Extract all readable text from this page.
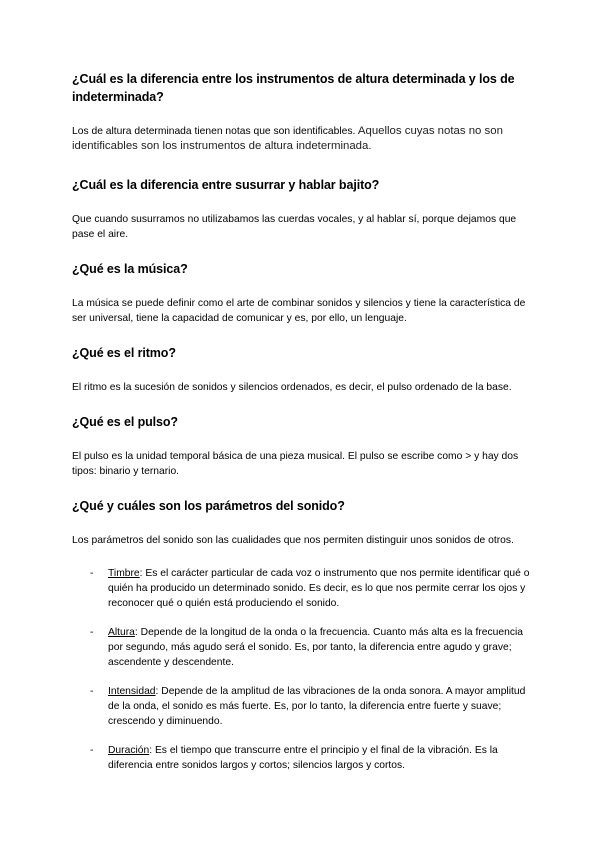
¿Cuál es la diferencia entre los instrumentos de altura determinada y los de indeterminada?

Los de altura determinada tienen notas que son identificables. Aquellos cuyas notas no son identificables son los instrumentos de altura indeterminada.

¿Cuál es la diferencia entre susurrar y hablar bajito?

Que cuando susurramos no utilizabamos las cuerdas vocales, y al hablar sí, porque dejamos que pase el aire.

¿Qué es la música?

La música se puede definir como el arte de combinar sonidos y silencios y tiene la característica de ser universal, tiene la capacidad de comunicar y es, por ello, un lenguaje.

¿Qué es el ritmo?

El ritmo es la sucesión de sonidos y silencios ordenados, es decir, el pulso ordenado de la base.

¿Qué es el pulso?

El pulso es la unidad temporal básica de una pieza musical. El pulso se escribe como > y hay dos tipos: binario y ternario.

¿Qué y cuáles son los parámetros del sonido?

Los parámetros del sonido son las cualidades que nos permiten distinguir unos sonidos de otros.

- Timbre: Es el carácter particular de cada voz o instrumento que nos permite identificar qué o quién ha producido un determinado sonido. Es decir, es lo que nos permite cerrar los ojos y reconocer qué o quién está produciendo el sonido.
- Altura: Depende de la longitud de la onda o la frecuencia. Cuanto más alta es la frecuencia por segundo, más agudo será el sonido. Es, por tanto, la diferencia entre agudo y grave; ascendente y descendente.
- Intensidad: Depende de la amplitud de las vibraciones de la onda sonora. A mayor amplitud de la onda, el sonido es más fuerte. Es, por lo tanto, la diferencia entre fuerte y suave; crescendo y diminuendo.
- Duración: Es el tiempo que transcurre entre el principio y el final de la vibración. Es la diferencia entre sonidos largos y cortos; silencios largos y cortos.
